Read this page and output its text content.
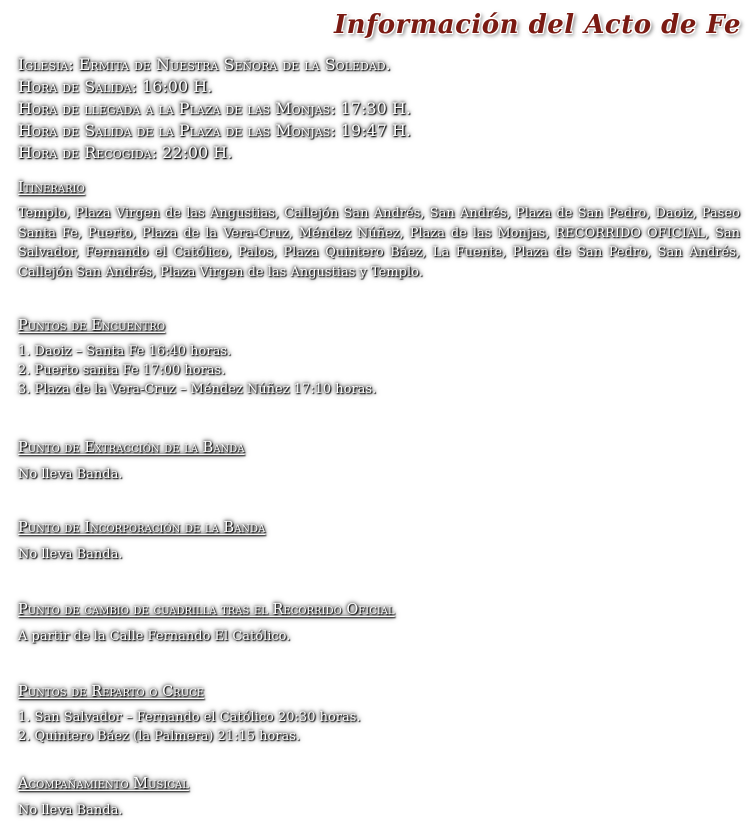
Información del Acto de Fe
Iglesia: Ermita de Nuestra Señora de la Soledad.
Hora de Salida: 16:00 H.
Hora de llegada a la Plaza de las Monjas: 17:30 H.
Hora de Salida de la Plaza de las Monjas: 19:47 H.
Hora de Recogida: 22:00 H.
Itinerario
Templo, Plaza Virgen de las Angustias, Callejón San Andrés, San Andrés, Plaza de San Pedro, Daoiz, Paseo Santa Fe, Puerto, Plaza de la Vera-Cruz, Méndez Núñez, Plaza de las Monjas, RECORRIDO OFICIAL, San Salvador, Fernando el Católico, Palos, Plaza Quintero Báez, La Fuente, Plaza de San Pedro, San Andrés, Callejón San Andrés, Plaza Virgen de las Angustias y Templo.
Puntos de Encuentro
1. Daoiz – Santa Fe 16:40 horas.
2. Puerto santa Fe 17:00 horas.
3. Plaza de la Vera-Cruz – Méndez Núñez 17:10 horas.
Punto de Extracción de la Banda
No lleva Banda.
Punto de Incorporación de la Banda
No lleva Banda.
Punto de cambio de cuadrilla tras el Recorrido Oficial
A partir de la Calle Fernando El Católico.
Puntos de Reparto o Cruce
1. San Salvador – Fernando el Católico 20:30 horas.
2. Quintero Báez (la Palmera) 21:15 horas.
Acompañamiento Musical
No lleva Banda.
